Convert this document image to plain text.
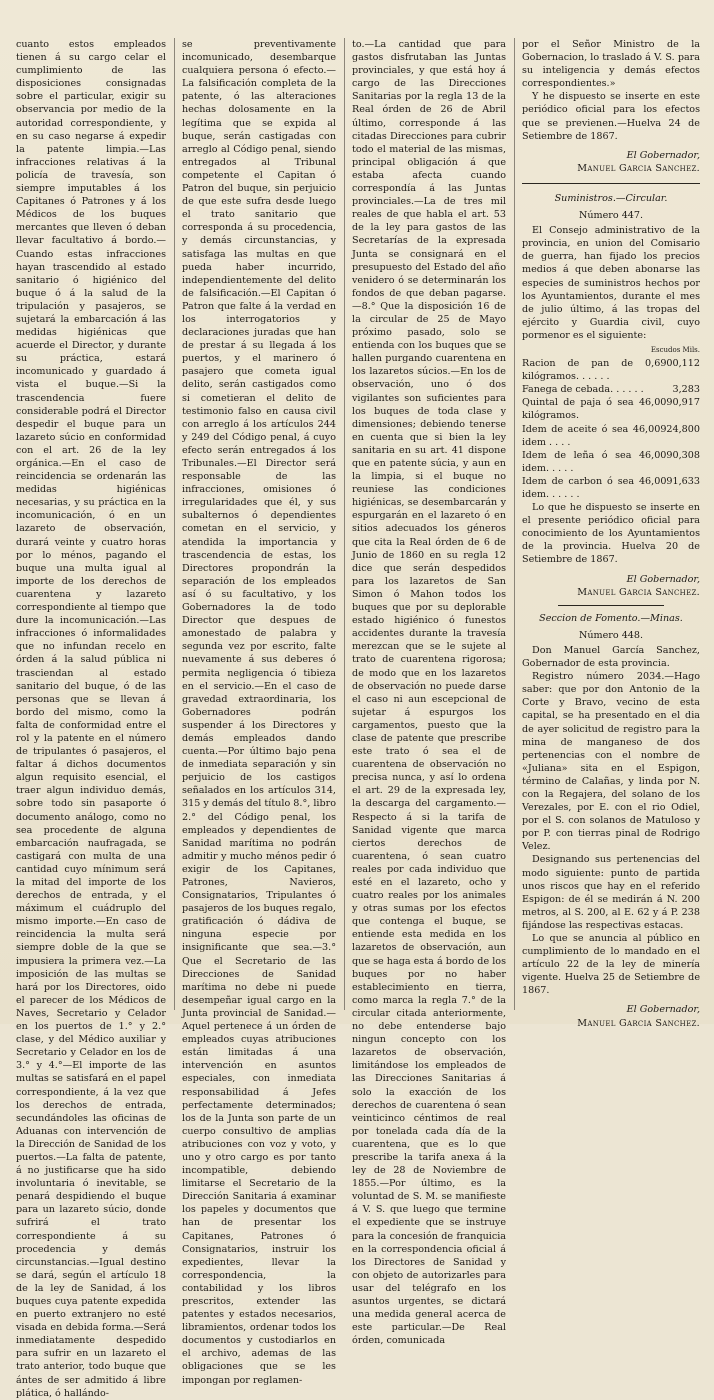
cuanto estos empleados tienen á su cargo celar el cumplimiento de las disposiciones consignadas sobre el particular, exigir su observancia por medio de la autoridad correspondiente, y en su caso negarse á expedir la patente limpia.—Las infracciones relativas á la policía de travesía, son siempre imputables á los Capitanes ó Patrones y á los Médicos de los buques mercantes que lleven ó deban llevar facultativo á bordo.—Cuando estas infracciones hayan trascendido al estado sanitario ó higiénico del buque ó á la salud de la tripulación y pasajeros, se sujetará la embarcación á las medidas higiénicas que acuerde el Director, y durante su práctica, estará incomunicado y guardado á vista el buque.—Si la trascendencia fuere considerable podrá el Director despedir el buque para un lazareto súcio en conformidad con el art. 26 de la ley orgánica.—En el caso de reincidencia se ordenarán las medidas higiénicas necesarias, y su práctica en la incomunicación, ó en un lazareto de observación, durará veinte y cuatro horas por lo ménos, pagando el buque una multa igual al importe de los derechos de cuarentena y lazareto correspondiente al tiempo que dure la incomunicación.—Las infracciones ó informalidades que no infundan recelo en órden á la salud pública ni trasciendan al estado sanitario del buque, ó de las personas que se llevan á bordo del mismo, como la falta de conformidad entre el rol y la patente en el número de tripulantes ó pasajeros, el faltar á dichos documentos algun requisito esencial, el traer algun individuo demás, sobre todo sin pasaporte ó documento análogo, como no sea procedente de alguna embarcación naufragada, se castigará con multa de una cantidad cuyo mínimum será la mitad del importe de los derechos de entrada, y el máximum el cuádruplo del mismo importe.—En caso de reincidencia la multa será siempre doble de la que se impusiera la primera vez.—La imposición de las multas se hará por los Directores, oido el parecer de los Médicos de Naves, Secretario y Celador en los puertos de 1.° y 2.° clase, y del Médico auxiliar y Secretario y Celador en los de 3.° y 4.°—El importe de las multas se satisfará en el papel correspondiente, á la vez que los derechos de entrada, secundándoles las oficinas de Aduanas con intervención de la Dirección de Sanidad de los puertos.—La falta de patente, á no justificarse que ha sido involuntaria ó inevitable, se penará despidiendo el buque para un lazareto súcio, donde sufrirá el trato correspondiente á su procedencia y demás circunstancias.—Igual destino se dará, según el artículo 18 de la ley de Sanidad, á los buques cuya patente expedida en puerto extranjero no esté visada en debida forma.—Será inmediatamente despedido para sufrir en un lazareto el trato anterior, todo buque que ántes de ser admitido á libre plática, ó hallándo-

se preventivamente incomunicado, desembarque cualquiera persona ó efecto.—La falsificación completa de la patente, ó las alteraciones hechas dolosamente en la legítima que se expida al buque, serán castigadas con arreglo al Código penal, siendo entregados al Tribunal competente el Capitan ó Patron del buque, sin perjuicio de que este sufra desde luego el trato sanitario que corresponda á su procedencia, y demás circunstancias, y satisfaga las multas en que pueda haber incurrido, independientemente del delito de falsificación.—El Capitan ó Patron que falte á la verdad en los interrogatorios y declaraciones juradas que han de prestar á su llegada á los puertos, y el marinero ó pasajero que cometa igual delito, serán castigados como si cometieran el delito de testimonio falso en causa civil con arreglo á los artículos 244 y 249 del Código penal, á cuyo efecto serán entregados á los Tribunales.—El Director será responsable de las infracciones, omisiones ó irregularidades que él, y sus subalternos ó dependientes cometan en el servicio, y atendida la importancia y trascendencia de estas, los Directores propondrán la separación de los empleados así ó su facultativo, y los Gobernadores la de todo Director que despues de amonestado de palabra y segunda vez por escrito, falte nuevamente á sus deberes ó permita negligencia ó tibieza en el servicio.—En el caso de gravedad extraordinaria, los Gobernadores podrán suspender á los Directores y demás empleados dando cuenta.—Por último bajo pena de inmediata separación y sin perjuicio de los castigos señalados en los artículos 314, 315 y demás del título 8.°, libro 2.° del Código penal, los empleados y dependientes de Sanidad marítima no podrán admitir y mucho ménos pedir ó exigir de los Capitanes, Patrones, Navieros, Consignatarios, Tripulantes ó pasajeros de los buques regalo, gratificación ó dádiva de ninguna especie por insignificante que sea.—3.° Que el Secretario de las Direcciones de Sanidad marítima no debe ni puede desempeñar igual cargo en la Junta provincial de Sanidad.—Aquel pertenece á un órden de empleados cuyas atribuciones están limitadas á una intervención en asuntos especiales, con inmediata responsabilidad á Jefes perfectamente determinados; los de la Junta son parte de un cuerpo consultivo de amplias atribuciones con voz y voto, y uno y otro cargo es por tanto incompatible, debiendo limitarse el Secretario de la Dirección Sanitaria á examinar los papeles y documentos que han de presentar los Capitanes, Patrones ó Consignatarios, instruir los expedientes, llevar la correspondencia, la contabilidad y los libros prescritos, extender las patentes y estados necesarios, libramientos, ordenar todos los documentos y custodiarlos en el archivo, ademas de las obligaciones que se les impongan por reglamen-

to.—La cantidad que para gastos disfrutaban las Juntas provinciales, y que está hoy á cargo de las Direcciones Sanitarias por la regla 13 de la Real órden de 26 de Abril último, corresponde á las citadas Direcciones para cubrir todo el material de las mismas, principal obligación á que estaba afecta cuando correspondía á las Juntas provinciales.—La de tres mil reales de que habla el art. 53 de la ley para gastos de las Secretarías de la expresada Junta se consignará en el presupuesto del Estado del año venidero ó se determinarán los fondos de que deban pagarse.—8.° Que la disposición 16 de la circular de 25 de Mayo próximo pasado, solo se entienda con los buques que se hallen purgando cuarentena en los lazaretos súcios.—En los de observación, uno ó dos vigilantes son suficientes para los buques de toda clase y dimensiones; debiendo tenerse en cuenta que si bien la ley sanitaria en su art. 41 dispone que en patente súcia, y aun en la limpia, si el buque no reuniese las condiciones higiénicas, se desembarcarán y espurgarán en el lazareto ó en sitios adecuados los géneros que cita la Real órden de 6 de Junio de 1860 en su regla 12 dice que serán despedidos para los lazaretos de San Simon ó Mahon todos los buques que por su deplorable estado higiénico ó funestos accidentes durante la travesía merezcan que se le sujete al trato de cuarentena rigorosa; de modo que en los lazaretos de observación no puede darse el caso ni aun escepcional de sujetar á espurgos los cargamentos, puesto que la clase de patente que prescribe este trato ó sea el de cuarentena de observación no precisa nunca, y así lo ordena el art. 29 de la expresada ley, la descarga del cargamento.—Respecto á si la tarifa de Sanidad vigente que marca ciertos derechos de cuarentena, ó sean cuatro reales por cada individuo que esté en el lazareto, ocho y cuatro reales por los animales y otras sumas por los efectos que contenga el buque, se entiende esta medida en los lazaretos de observación, aun que se haga esta á bordo de los buques por no haber establecimiento en tierra, como marca la regla 7.° de la circular citada anteriormente, no debe entenderse bajo ningun concepto con los lazaretos de observación, limitándose los empleados de las Direcciones Sanitarias á solo la exacción de los derechos de cuarentena ó sean veinticinco céntimos de real por tonelada cada día de la cuarentena, que es lo que prescribe la tarifa anexa á la ley de 28 de Noviembre de 1855.—Por último, es la voluntad de S. M. se manifieste á V. S. que luego que termine el expediente que se instruye para la concesión de franquicia en la correspondencia oficial á los Directores de Sanidad y con objeto de autorizarles para usar del telégrafo en los asuntos urgentes, se dictará una medida general acerca de este particular.—De Real órden, comunicada

por el Señor Ministro de la Gobernacion, lo traslado á V. S. para su inteligencia y demás efectos correspondientes.»

Y he dispuesto se inserte en este periódico oficial para los efectos que se previenen.—Huelva 24 de Setiembre de 1867.

El Gobernador,
Manuel Garcia Sanchez.
Suministros.—Circular.
Número 447.

El Consejo administrativo de la provincia, en union del Comisario de guerra, han fijado los precios medios á que deben abonarse las especies de suministros hechos por los Ayuntamientos, durante el mes de julio último, á las tropas del ejército y Guardia civil, cuyo pormenor es el siguiente:

Escudos Mils.
Racion de pan de 0,690 kilógramos. . . . . .
0,112
Fanega de cebada. . . . . .	3,283
Quintal de paja ó sea 46,009 kilógramos.
0,917
Idem de aceite ó sea 46,009 idem . . . .
24,800
Idem de leña ó sea 46,009 idem. . . . .
0,308
Idem de carbon ó sea 46,009 idem. . . . . .
1,633

Lo que he dispuesto se inserte en el presente periódico oficial para conocimiento de los Ayuntamientos de la provincia. Huelva 20 de Setiembre de 1867.

El Gobernador,
Manuel Garcia Sanchez.
Seccion de Fomento.—Minas.
Número 448.

Don Manuel García Sanchez, Gobernador de esta provincia.

Registro número 2034.—Hago saber: que por don Antonio de la Corte y Bravo, vecino de esta capital, se ha presentado en el dia de ayer solicitud de registro para la mina de manganeso de dos pertenencias con el nombre de «Juliana» sita en el Espigon, término de Calañas, y linda por N. con la Regajera, del solano de los Verezales, por E. con el rio Odiel, por el S. con solanos de Matuloso y por P. con tierras pinal de Rodrigo Velez.

Designando sus pertenencias del modo siguiente: punto de partida unos riscos que hay en el referido Espigon: de él se medirán á N. 200 metros, al S. 200, al E. 62 y á P. 238 fijándose las respectivas estacas.

Lo que se anuncia al público en cumplimiento de lo mandado en el artículo 22 de la ley de minería vigente. Huelva 25 de Setiembre de 1867.

El Gobernador,
Manuel Garcia Sanchez.
